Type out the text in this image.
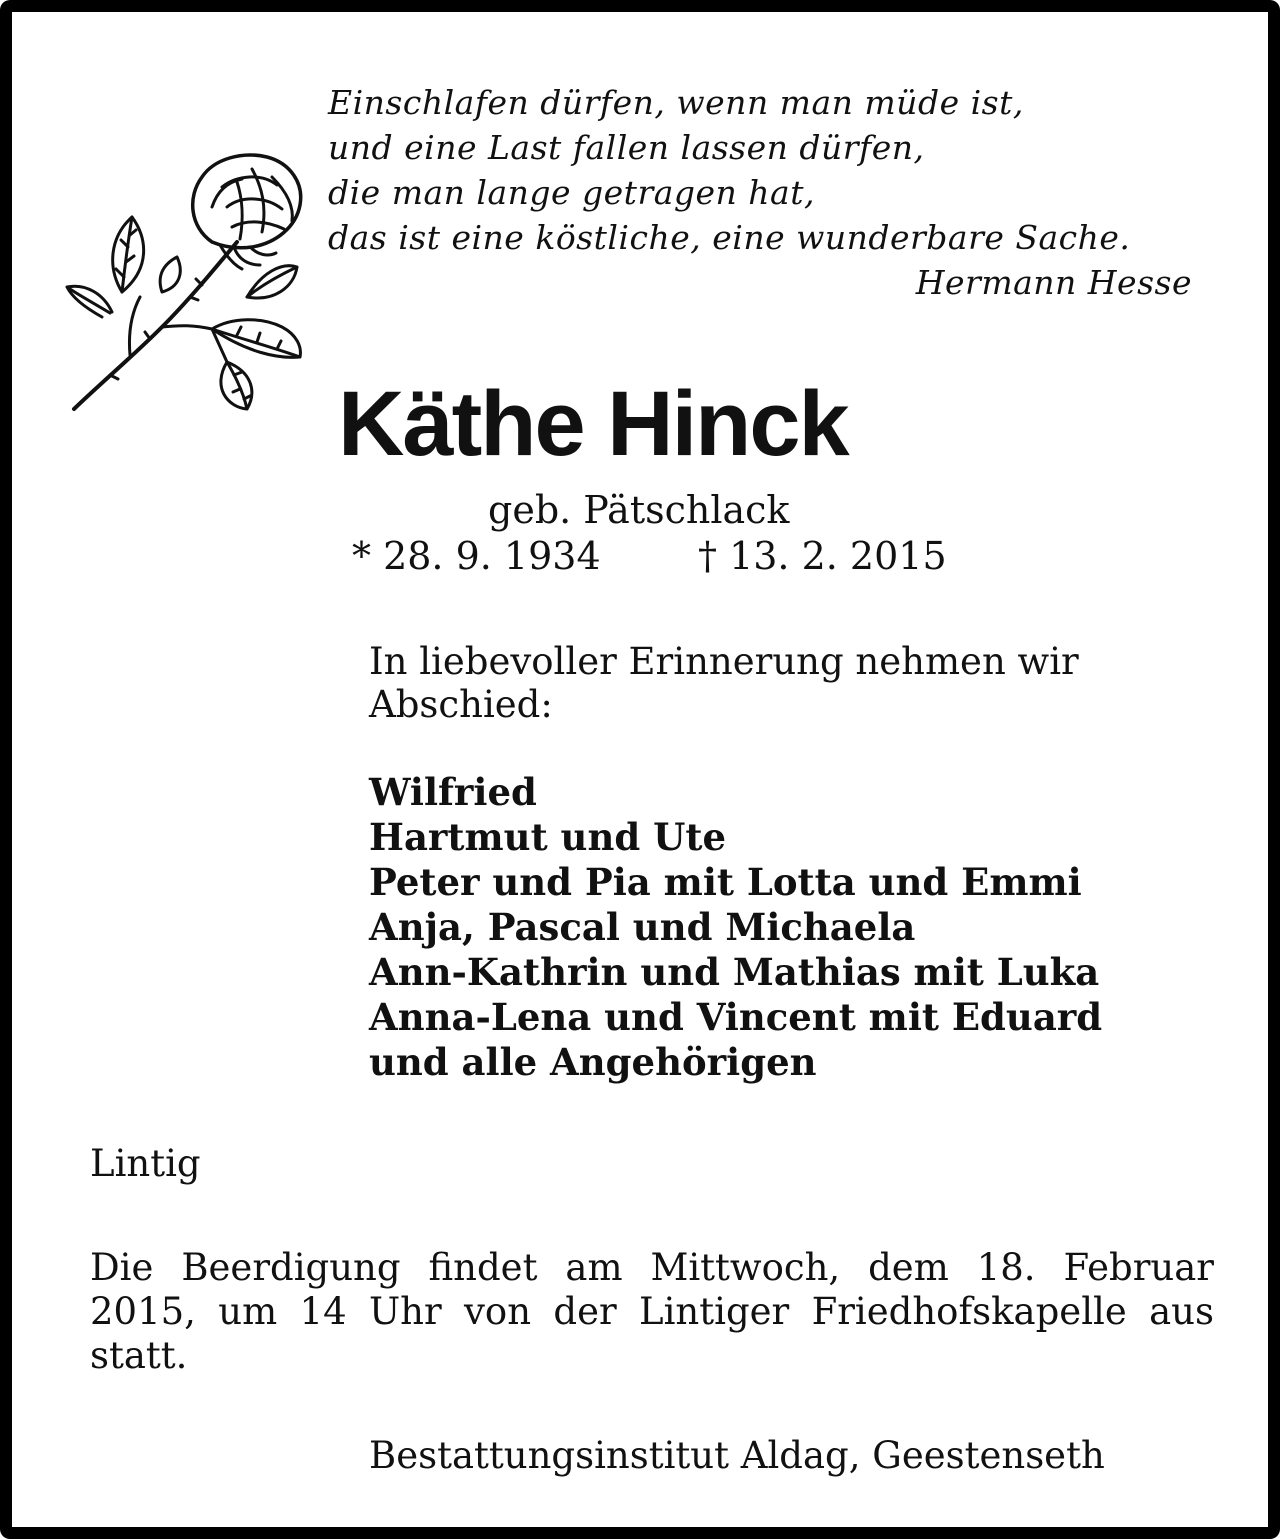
Einschlafen dürfen, wenn man müde ist,
und eine Last fallen lassen dürfen,
die man lange getragen hat,
das ist eine köstliche, eine wunderbare Sache.
Hermann Hesse
Käthe Hinck
geb. Pätschlack
* 28. 9. 1934	† 13. 2. 2015
In liebevoller Erinnerung nehmen wir Abschied:
Wilfried
Hartmut und Ute
Peter und Pia mit Lotta und Emmi
Anja, Pascal und Michaela
Ann-Kathrin und Mathias mit Luka
Anna-Lena und Vincent mit Eduard
und alle Angehörigen
Lintig
Die Beerdigung findet am Mittwoch, dem 18. Februar 2015, um 14 Uhr von der Lintiger Friedhofskapelle aus statt.
Bestattungsinstitut Aldag, Geestenseth
